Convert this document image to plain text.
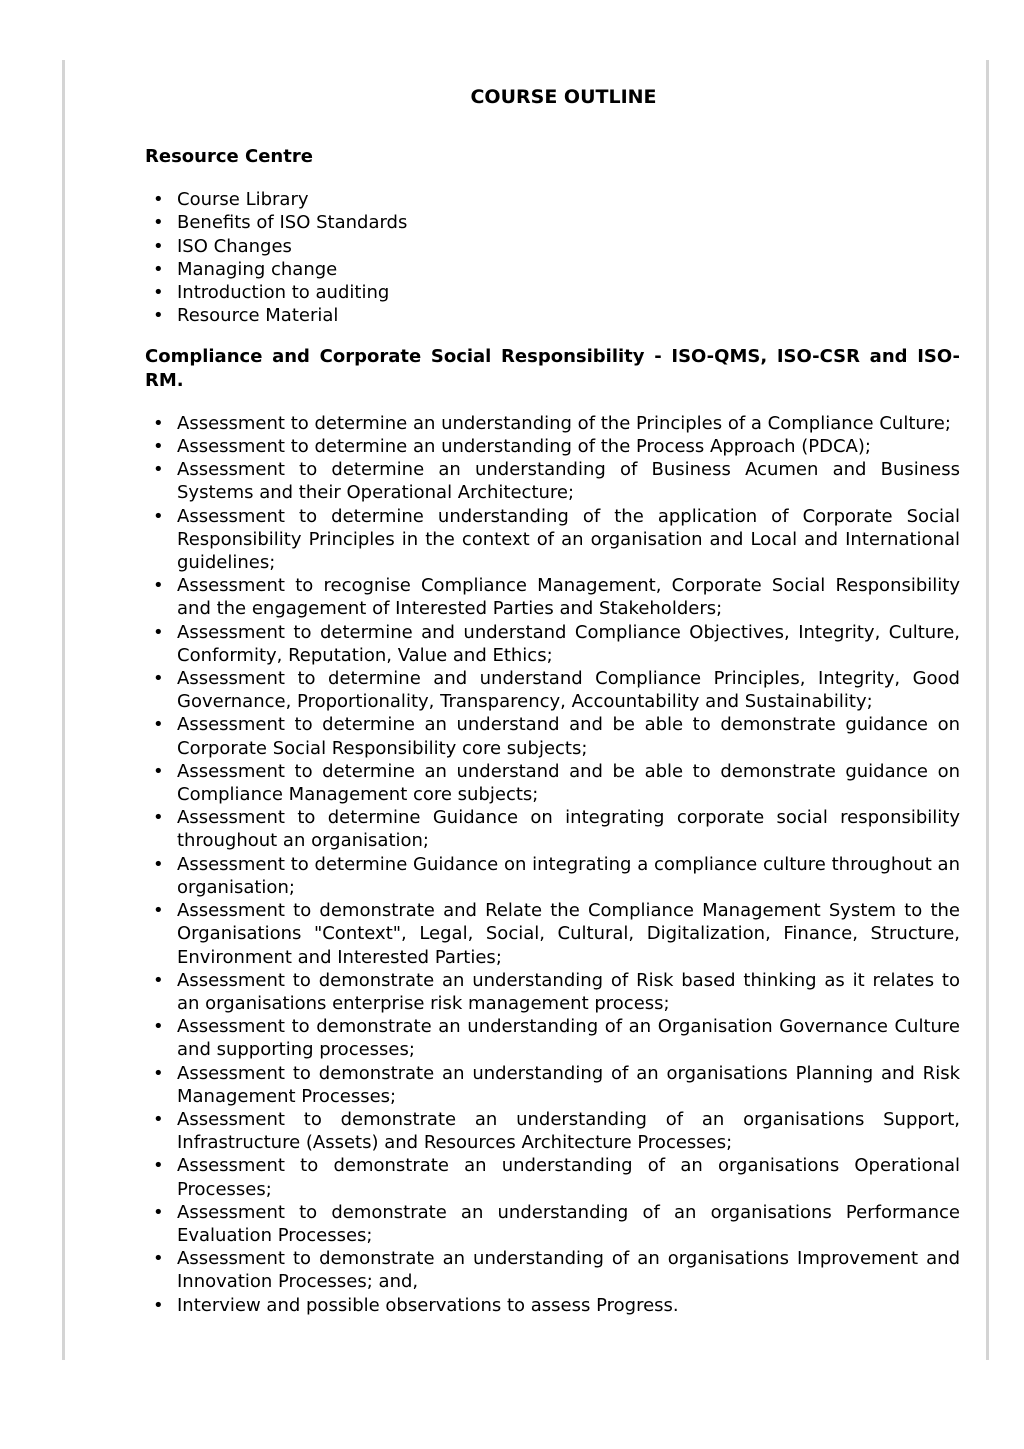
COURSE OUTLINE
Resource Centre
• Course Library
• Benefits of ISO Standards
• ISO Changes
• Managing change
• Introduction to auditing
• Resource Material
Compliance and Corporate Social Responsibility - ISO-QMS, ISO-CSR and ISO-RM.
• Assessment to determine an understanding of the Principles of a Compliance Culture;
• Assessment to determine an understanding of the Process Approach (PDCA);
• Assessment to determine an understanding of Business Acumen and Business Systems and their Operational Architecture;
• Assessment to determine understanding of the application of Corporate Social Responsibility Principles in the context of an organisation and Local and International guidelines;
• Assessment to recognise Compliance Management, Corporate Social Responsibility and the engagement of Interested Parties and Stakeholders;
• Assessment to determine and understand Compliance Objectives, Integrity, Culture, Conformity, Reputation, Value and Ethics;
• Assessment to determine and understand Compliance Principles, Integrity, Good Governance, Proportionality, Transparency, Accountability and Sustainability;
• Assessment to determine an understand and be able to demonstrate guidance on Corporate Social Responsibility core subjects;
• Assessment to determine an understand and be able to demonstrate guidance on Compliance Management core subjects;
• Assessment to determine Guidance on integrating corporate social responsibility throughout an organisation;
• Assessment to determine Guidance on integrating a compliance culture throughout an organisation;
• Assessment to demonstrate and Relate the Compliance Management System to the Organisations "Context", Legal, Social, Cultural, Digitalization, Finance, Structure, Environment and Interested Parties;
• Assessment to demonstrate an understanding of Risk based thinking as it relates to an organisations enterprise risk management process;
• Assessment to demonstrate an understanding of an Organisation Governance Culture and supporting processes;
• Assessment to demonstrate an understanding of an organisations Planning and Risk Management Processes;
• Assessment to demonstrate an understanding of an organisations Support, Infrastructure (Assets) and Resources Architecture Processes;
• Assessment to demonstrate an understanding of an organisations Operational Processes;
• Assessment to demonstrate an understanding of an organisations Performance Evaluation Processes;
• Assessment to demonstrate an understanding of an organisations Improvement and Innovation Processes; and,
• Interview and possible observations to assess Progress.
